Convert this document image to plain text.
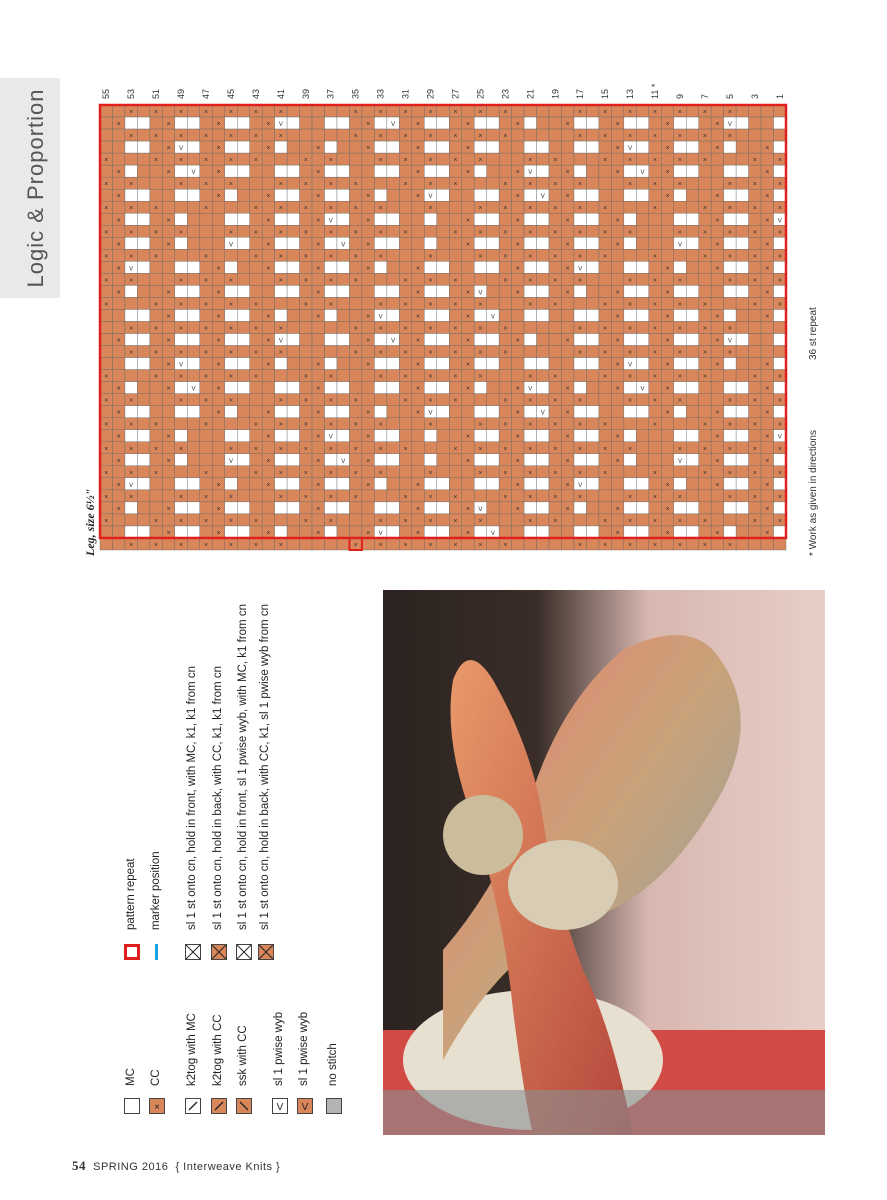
Logic & Proportion
MC
×
CC k2tog with MC k2tog with CC ssk with CC
V
sl 1 pwise wyb
V
sl 1 pwise wyb no stitch
pattern repeat marker position sl 1 st onto cn, hold in front, with MC, k1, k1 from cn sl 1 st onto cn, hold in back, with CC, k1, k1 from cn sl 1 st onto cn, hold in front, sl 1 pwise wyb, with MC, k1 from cn sl 1 st onto cn, hold in back, with CC, k1, sl 1 pwise wyb from cn
×
×
×
×
×
×
×
×
×
×
×
×
×
×
×
×
×
×
×
×
×
×
×
×
×
×
×
×
×
×
×
×
×
×
V
×
×
×
×
×
×
×
V
×
×
×
×
×
×
×
×
×
×
×
×
×
×
×
×
×
×
×
×
×
×
×
×
×
×
×
×
×
×
×
×
×
V
×
×
×
×
×
×
×
V
×
×
×
×
×
×
V
V
×
×
×
×
×
×
×
×
×
×
×
×
×
×
×
×
×
×
×
×
×
×
×
×
×
×
×
×
×
×
×
×
×
×
×
×
V
×
×
×
×
×
×
×
V
×
×
×
×
×
×
×
×
×
×
×
×
×
×
×
×
×
×
×
×
×
×
×
×
×
×
×
×
×
×
×
×
×
V
×
×
×
×
×
×
×
V
×
×
×
×
×
×
×
×
×
×
×
×
×
×
×
×
×
×
×
×
×
×
×
×
×
×
×
×
×
×
×
×
×
×
×
×
×
×
×
×
V
×
×
×
×
×
×
×
V
×
×
×
×
V
V
×
×
×
×
×
×
×
×
×
×
×
×
×
×
×
×
×
×
×
×
×
×
×
×
×
×
×
×
×
×
×
×
×
×
×
×
V
×
×
×
×
×
×
×
V
×
V
V
×
×
×
×
×
×
×
×
×
×
×
×
×
×
×
×
×
×
×
×
×
×
×
×
×
×
×
×
×
×
×
×
×
V
×
×
×
×
×
×
×
×
V
×
×
×
×
×
×
×
×
×
×
×
×
×
×
×
×
×
×
×
×
×
×
×
×
×
×
×
×
×
×
×
×
×
×
×
×
×
×
×
×
V
×
×
×
×
×
×
×
V
×
×
V
V
×
×
×
×
×
×
×
×
×
×
×
×
×
×
×
×
×
×
×
×
×
×
×
×
×
×
×
×
×
×
V
×
×
×
×
×
×
×
V
×
×
×
×
×
×
V
V
×
×
×
×
×
×
×
×
×
×
×
×
×
×
×
×
×
×
×
×
×
×
×
×
×
×
×
×
×
×
×
×
×
×
V
×
×
×
×
×
×
×
V
×
×
×
×
×
×
×
×
×
×
×
×
×
×
×
×
×
×
×
×
×
×
×
×
×
×
×
×
×
×
×
×
×
V
×
×
×
×
×
×
×
V
×
×
×
×
×
×
V
V
×
×
×
×
×
×
×
×
×
×
×
×
×
×
×
×
×
×
×
×
×
×
×
×
×
×
×
×
×
×
×
×
×
×
×
×
V
×
×
×
×
×
×
×
V
×
×
×
×
×
×
×
×
×
×
×
×
×
×
×
×
×
×
×
×
×
×
×
×
×
×
×
×
×
×
×
×
×
V
×
×
×
×
×
×
×
V
×
×
×
×
×
×
×
×
×
×
×
×
×
×
×
×
×
×
×
×
×
×
×
×
×
×
×
×
×
×
×
×
×
×
×
×
×
×
×
×
V
×
×
×
×
×
×
×
V
×
×
×
×
55 53 51 49 47 45 43 41 39 37 35 33 31 29 27 25 23 21 19 17 15 13 11 * 9 7 5 3 1
Leg, size 6½"	* Work as given in directions
36 st repeat
54 SPRING 2016 { Interweave Knits }
